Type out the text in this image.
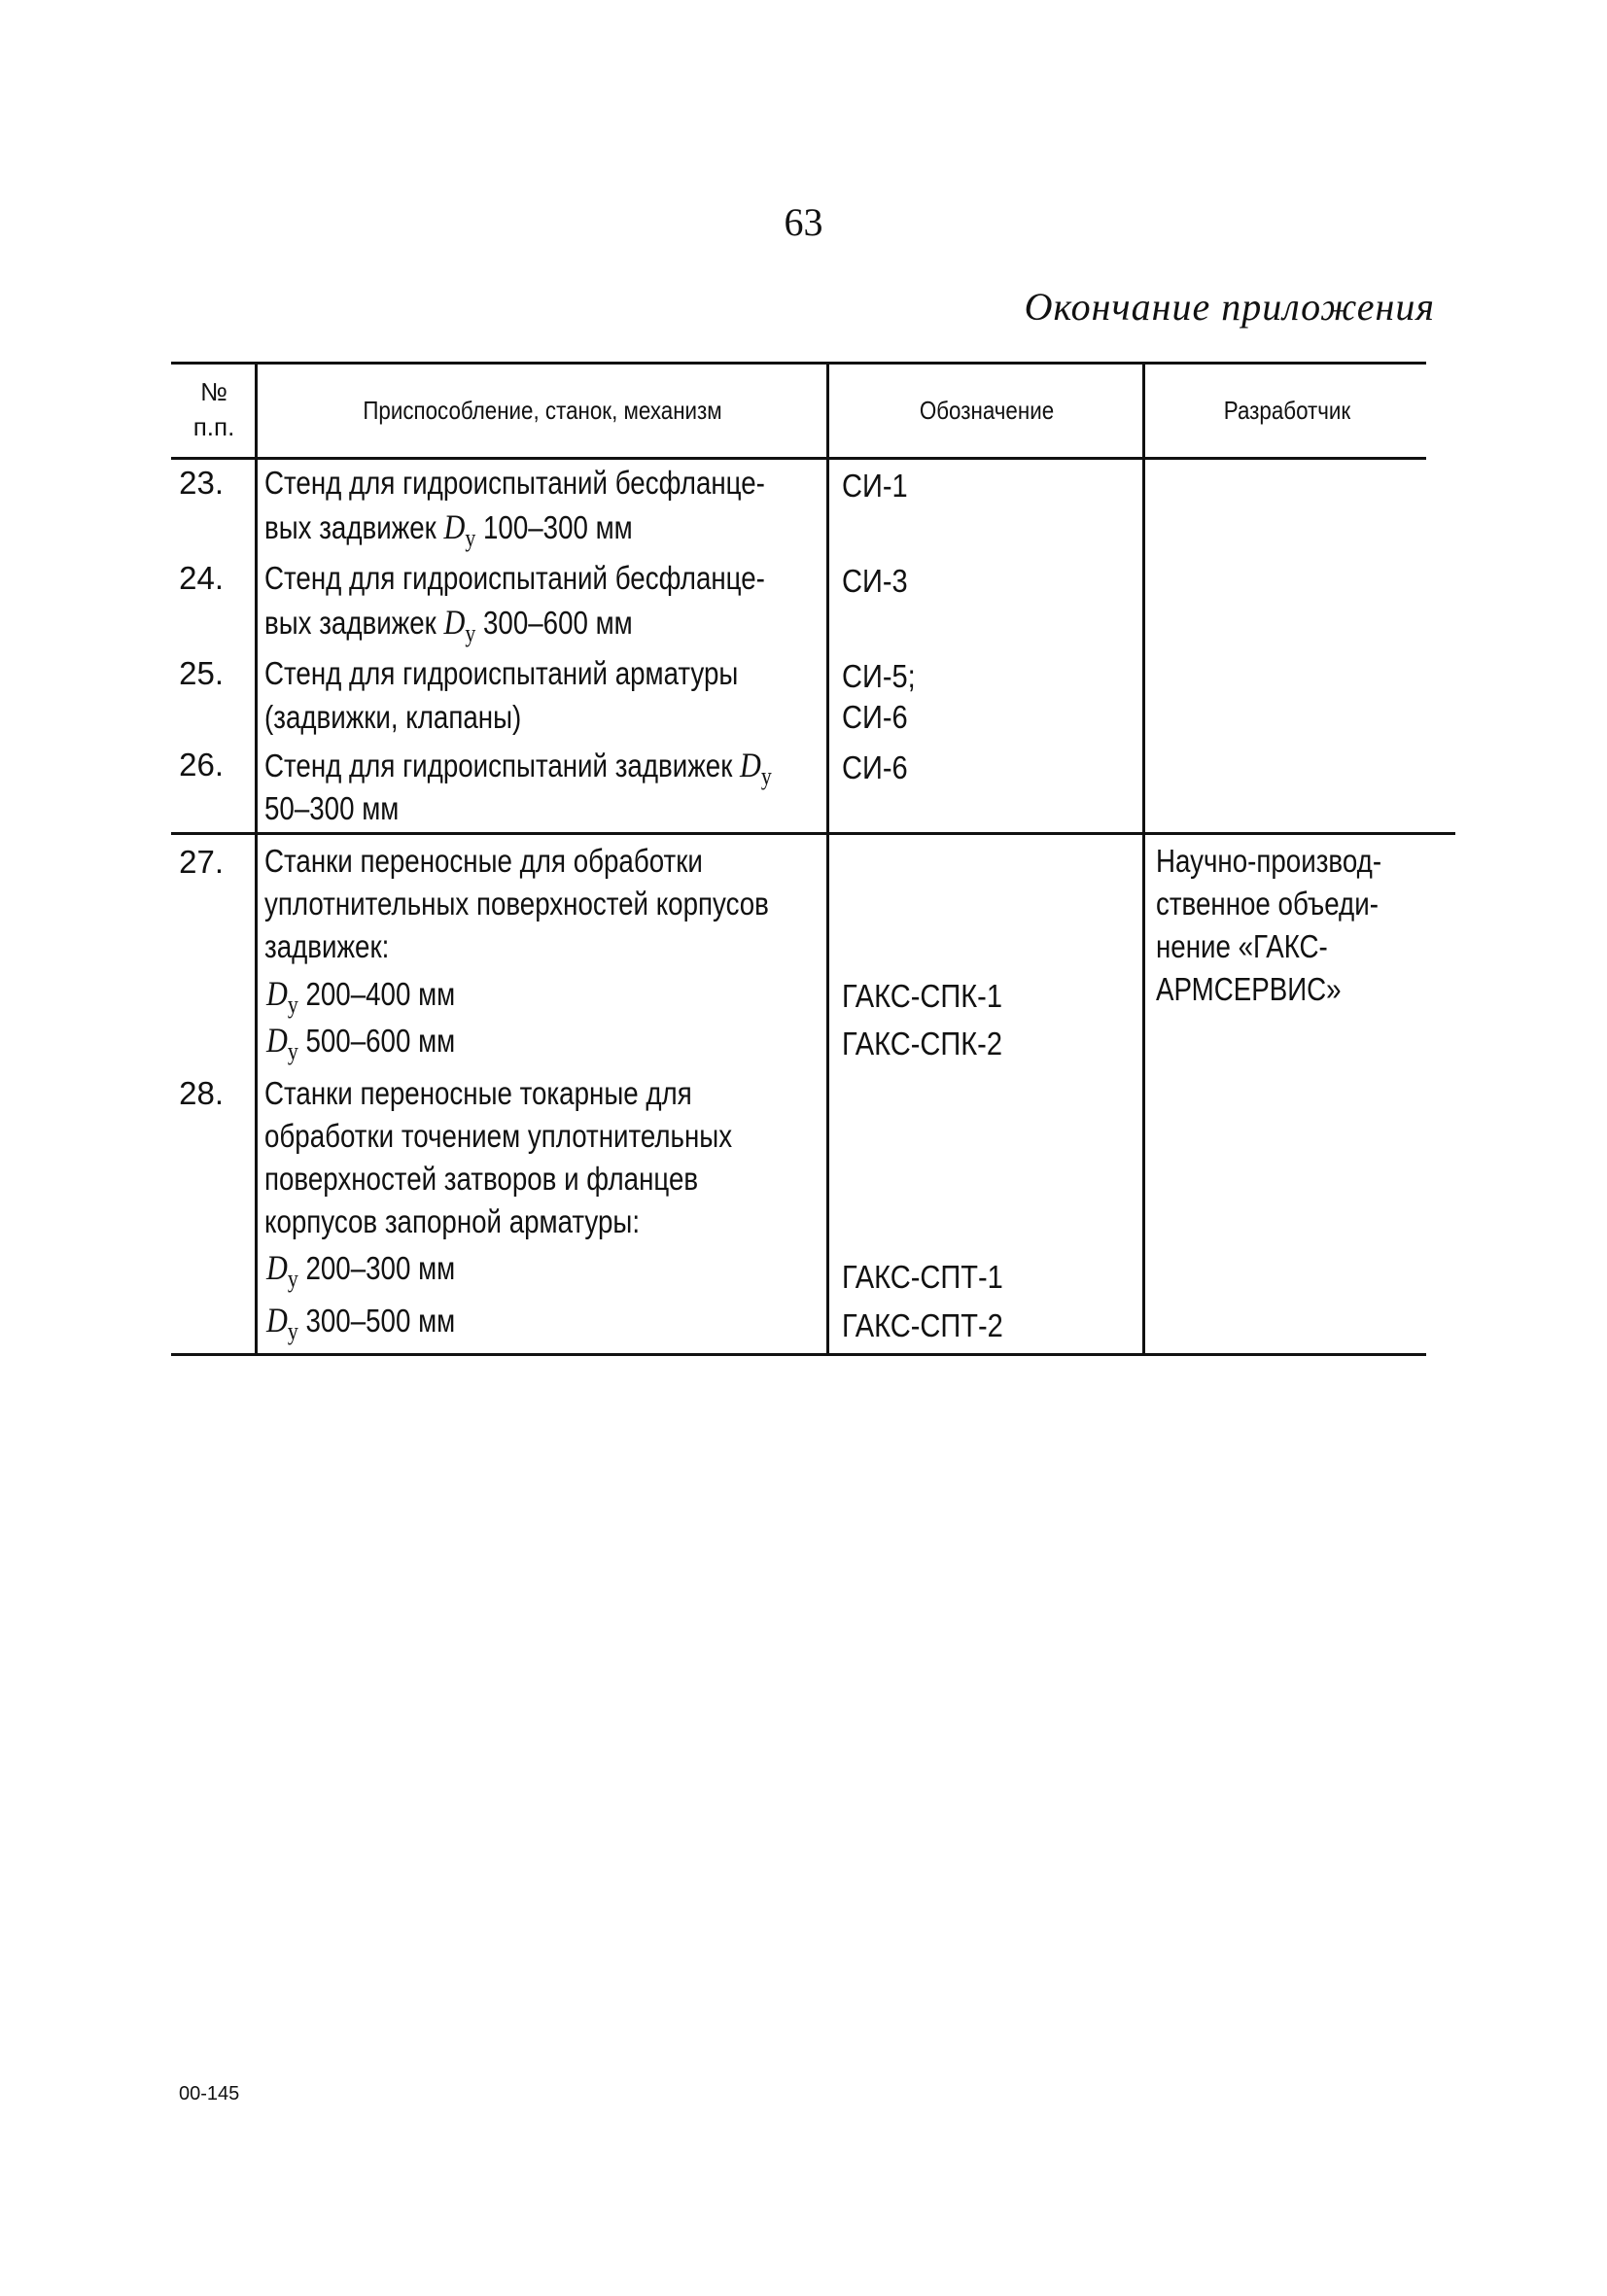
63
Окончание приложения
№
п.п.
Приспособление, станок, механизм	Обозначение	Разработчик
23. Стенд для гидроиспытаний бесфланце-
вых задвижек $D_у$ 100–300 мм
СИ-1
24. Стенд для гидроиспытаний бесфланце-
вых задвижек $D_у$ 300–600 мм
СИ-3
25. Стенд для гидроиспытаний арматуры
(задвижки, клапаны)
СИ-5;
СИ-6
26. Стенд для гидроиспытаний задвижек $D_у$
50–300 мм
СИ-6
27. Станки переносные для обработки
уплотнительных поверхностей корпусов
задвижек:
$D_у$ 200–400 мм
$D_у$ 500–600 мм
ГАКС-СПК-1
ГАКС-СПК-2
Научно-производ-
ственное объеди-
нение «ГАКС-
АРМСЕРВИС»
28. Станки переносные токарные для
обработки точением уплотнительных
поверхностей затворов и фланцев
корпусов запорной арматуры:
$D_у$ 200–300 мм
$D_у$ 300–500 мм
ГАКС-СПТ-1
ГАКС-СПТ-2
00-145
